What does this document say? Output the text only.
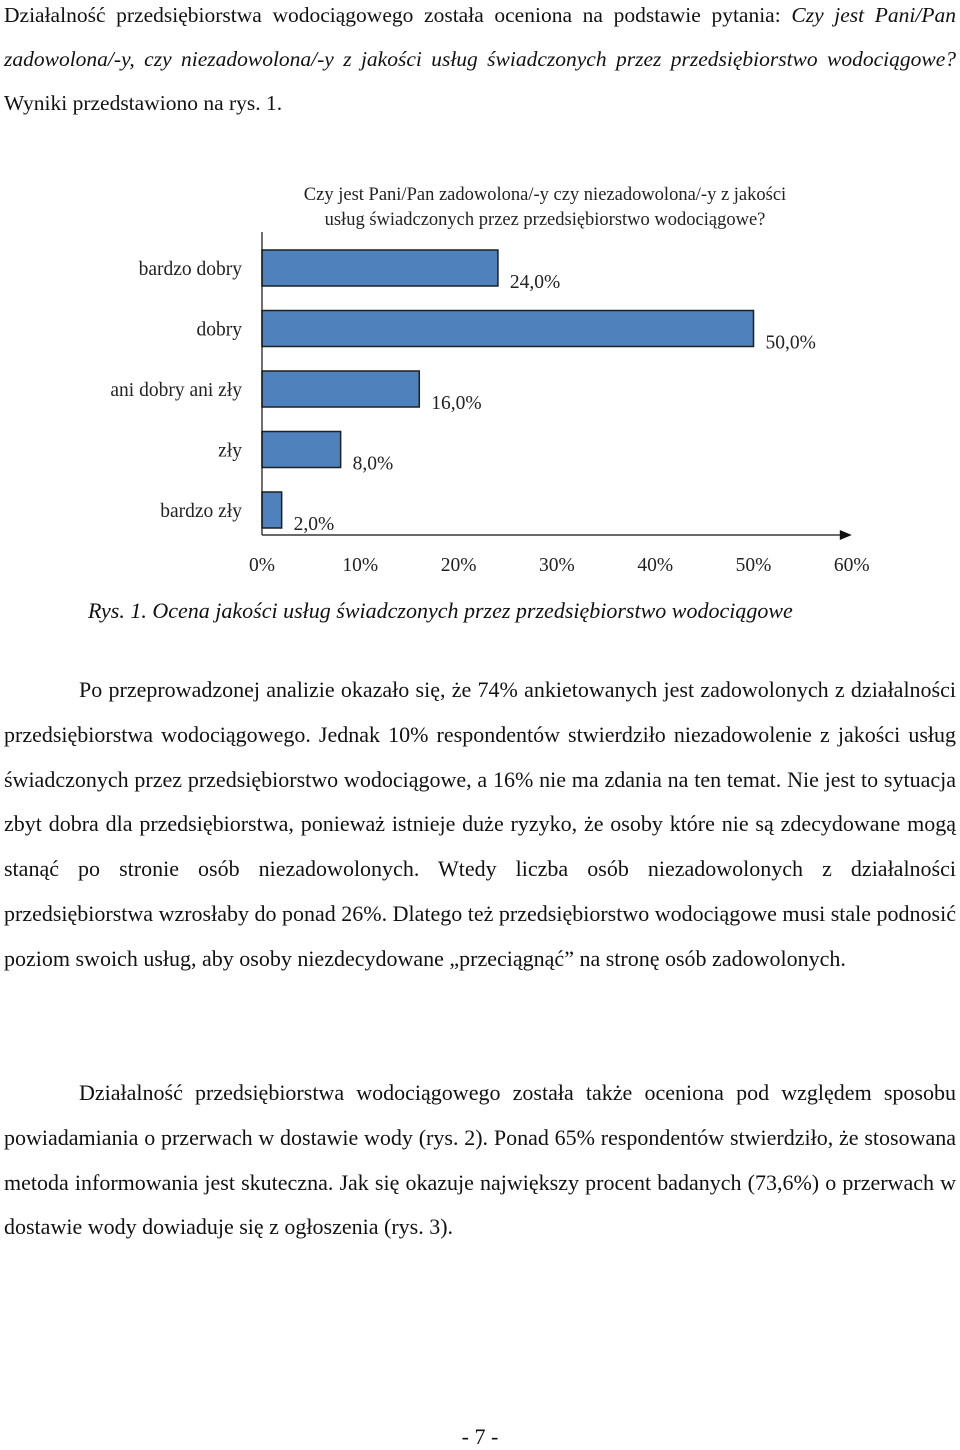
Działalność przedsiębiorstwa wodociągowego została oceniona na podstawie pytania: Czy jest Pani/Pan zadowolona/-y, czy niezadowolona/-y z jakości usług świadczonych przez przedsiębiorstwo wodociągowe? Wyniki przedstawiono na rys. 1.

Czy jest Pani/Pan zadowolona/-y czy niezadowolona/-y z jakości
usług świadczonych przez przedsiębiorstwo wodociągowe?
bardzo dobry
24,0%
dobry
50,0%
ani dobry ani zły
16,0%
zły
8,0%
bardzo zły
2,0%
0%	10%	20%	30%	40%	50%	60%

Rys. 1. Ocena jakości usług świadczonych przez przedsiębiorstwo wodociągowe

Po przeprowadzonej analizie okazało się, że 74% ankietowanych jest zadowolonych z działalności przedsiębiorstwa wodociągowego. Jednak 10% respondentów stwierdziło niezadowolenie z jakości usług świadczonych przez przedsiębiorstwo wodociągowe, a 16% nie ma zdania na ten temat. Nie jest to sytuacja zbyt dobra dla przedsiębiorstwa, ponieważ istnieje duże ryzyko, że osoby które nie są zdecydowane mogą stanąć po stronie osób niezadowolonych. Wtedy liczba osób niezadowolonych z działalności przedsiębiorstwa wzrosłaby do ponad 26%. Dlatego też przedsiębiorstwo wodociągowe musi stale podnosić poziom swoich usług, aby osoby niezdecydowane „przeciągnąć” na stronę osób zadowolonych.

Działalność przedsiębiorstwa wodociągowego została także oceniona pod względem sposobu powiadamiania o przerwach w dostawie wody (rys. 2). Ponad 65% respondentów stwierdziło, że stosowana metoda informowania jest skuteczna. Jak się okazuje największy procent badanych (73,6%) o przerwach w dostawie wody dowiaduje się z ogłoszenia (rys. 3).

- 7 -
